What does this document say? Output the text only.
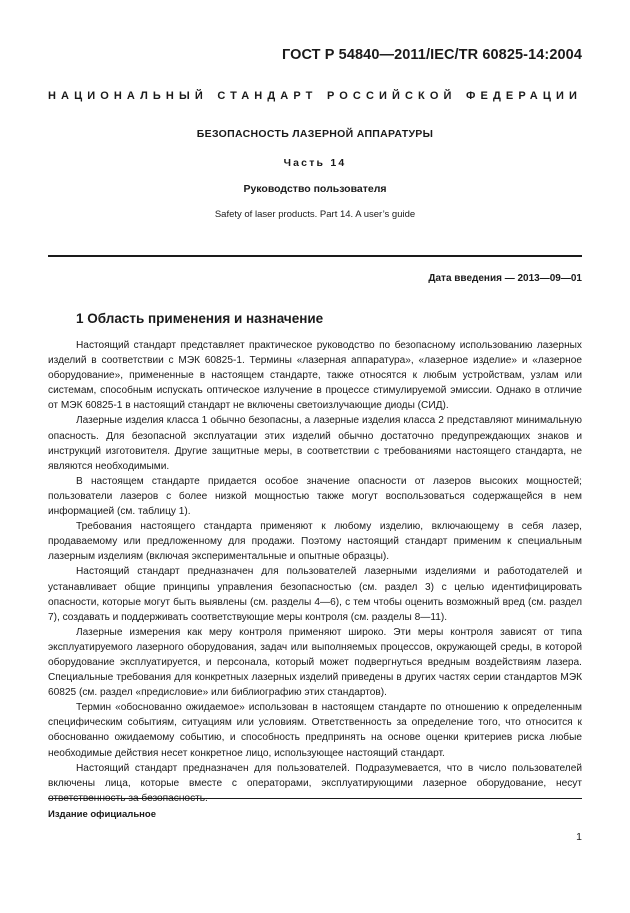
ГОСТ Р 54840—2011/IEC/TR 60825-14:2004
НАЦИОНАЛЬНЫЙ СТАНДАРТ РОССИЙСКОЙ ФЕДЕРАЦИИ
БЕЗОПАСНОСТЬ ЛАЗЕРНОЙ АППАРАТУРЫ
Часть 14
Руководство пользователя
Safety of laser products. Part 14. A user’s guide
Дата введения — 2013—09—01
1 Область применения и назначение

Настоящий стандарт представляет практическое руководство по безопасному использованию лазерных изделий в соответствии с МЭК 60825-1. Термины «лазерная аппаратура», «лазерное изделие» и «лазерное оборудование», примененные в настоящем стандарте, также относятся к любым устройствам, узлам или системам, способным испускать оптическое излучение в процессе стимулируемой эмиссии. Однако в отличие от МЭК 60825-1 в настоящий стандарт не включены светоизлучающие диоды (СИД).

Лазерные изделия класса 1 обычно безопасны, а лазерные изделия класса 2 представляют минимальную опасность. Для безопасной эксплуатации этих изделий обычно достаточно предупреждающих знаков и инструкций изготовителя. Другие защитные меры, в соответствии с требованиями настоящего стандарта, не являются необходимыми.

В настоящем стандарте придается особое значение опасности от лазеров высоких мощностей; пользователи лазеров с более низкой мощностью также могут воспользоваться содержащейся в нем информацией (см. таблицу 1).

Требования настоящего стандарта применяют к любому изделию, включающему в себя лазер, продаваемому или предложенному для продажи. Поэтому настоящий стандарт применим к специальным лазерным изделиям (включая экспериментальные и опытные образцы).

Настоящий стандарт предназначен для пользователей лазерными изделиями и работодателей и устанавливает общие принципы управления безопасностью (см. раздел 3) с целью идентифицировать опасности, которые могут быть выявлены (см. разделы 4—6), с тем чтобы оценить возможный вред (см. раздел 7), создавать и поддерживать соответствующие меры контроля (см. разделы 8—11).

Лазерные измерения как меру контроля применяют широко. Эти меры контроля зависят от типа эксплуатируемого лазерного оборудования, задач или выполняемых процессов, окружающей среды, в которой оборудование эксплуатируется, и персонала, который может подвергнуться вредным воздействиям лазера. Специальные требования для конкретных лазерных изделий приведены в других частях серии стандартов МЭК 60825 (см. раздел «предисловие» или библиографию этих стандартов).

Термин «обоснованно ожидаемое» использован в настоящем стандарте по отношению к определенным специфическим событиям, ситуациям или условиям. Ответственность за определение того, что относится к обоснованно ожидаемому событию, и способность предпринять на основе оценки критериев риска любые необходимые действия несет конкретное лицо, использующее настоящий стандарт.

Настоящий стандарт предназначен для пользователей. Подразумевается, что в число пользователей включены лица, которые вместе с операторами, эксплуатирующими лазерное оборудование, несут ответственность за безопасность.

Издание официальное
1
